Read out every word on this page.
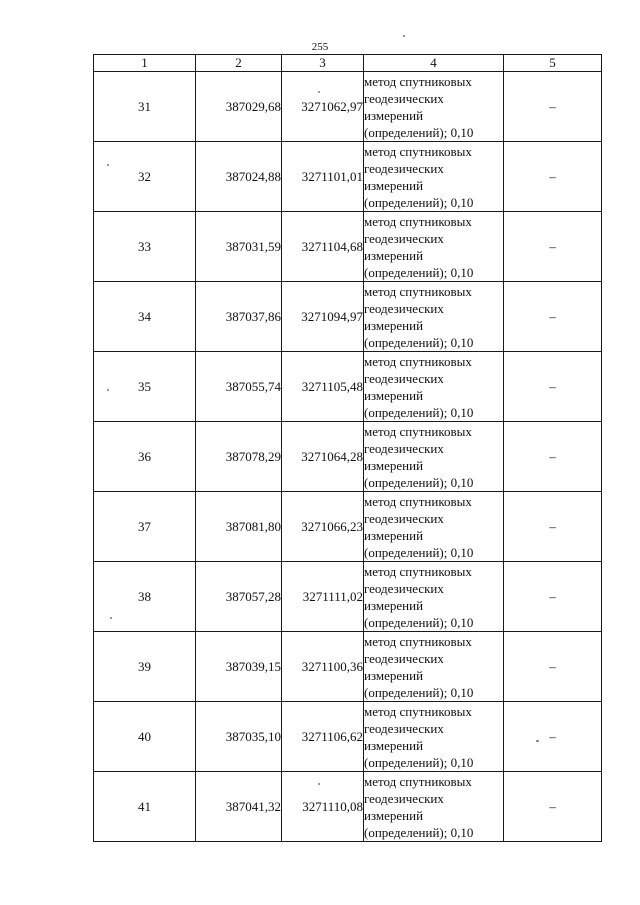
255
1	2	3	4	5
31	387029,68	3271062,97	метод спутниковых
геодезических
измерений
(определений); 0,10	–
32	387024,88	3271101,01	метод спутниковых
геодезических
измерений
(определений); 0,10	–
33	387031,59	3271104,68	метод спутниковых
геодезических
измерений
(определений); 0,10	–
34	387037,86	3271094,97	метод спутниковых
геодезических
измерений
(определений); 0,10	–
35	387055,74	3271105,48	метод спутниковых
геодезических
измерений
(определений); 0,10	–
36	387078,29	3271064,28	метод спутниковых
геодезических
измерений
(определений); 0,10	–
37	387081,80	3271066,23	метод спутниковых
геодезических
измерений
(определений); 0,10	–
38	387057,28	3271111,02	метод спутниковых
геодезических
измерений
(определений); 0,10	–
39	387039,15	3271100,36	метод спутниковых
геодезических
измерений
(определений); 0,10	–
40	387035,10	3271106,62	метод спутниковых
геодезических
измерений
(определений); 0,10	–
41	387041,32	3271110,08	метод спутниковых
геодезических
измерений
(определений); 0,10	–
